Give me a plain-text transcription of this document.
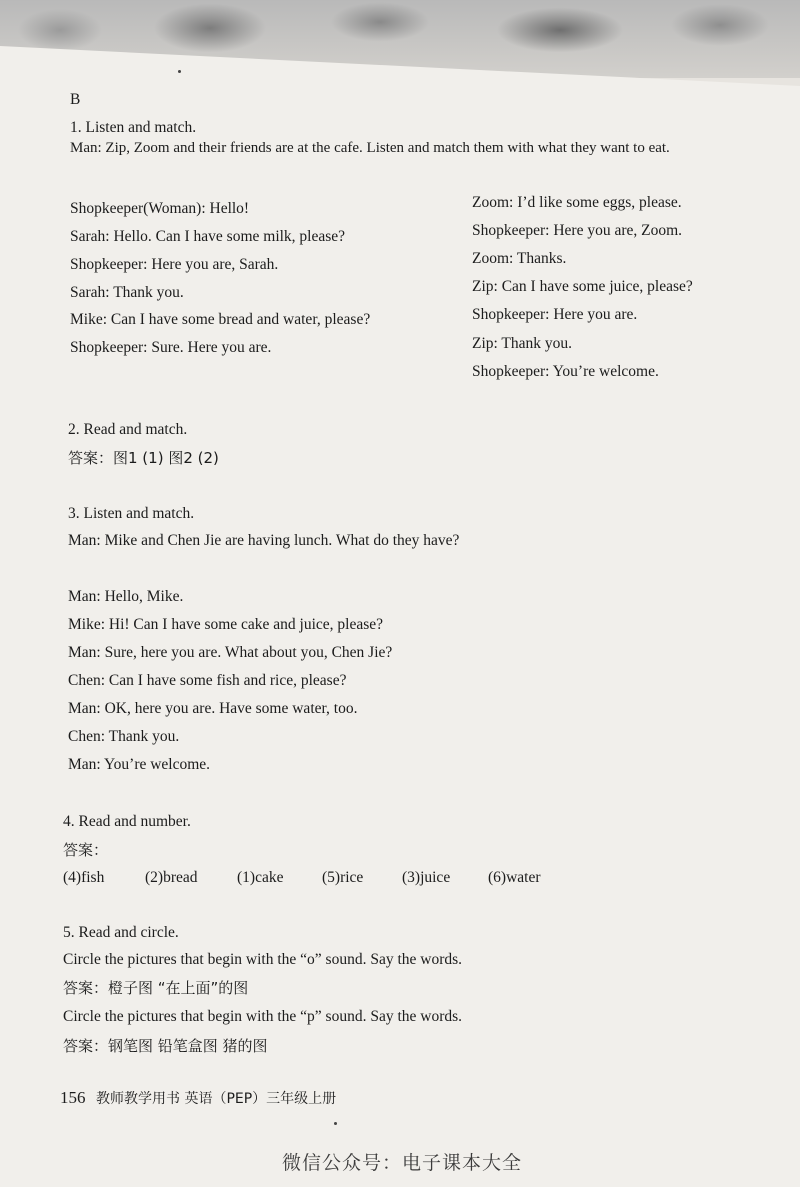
B
1. Listen and match.
Man: Zip, Zoom and their friends are at the cafe. Listen and match them with what they want to eat.
Shopkeeper(Woman): Hello!
Sarah: Hello. Can I have some milk, please?
Shopkeeper: Here you are, Sarah.
Sarah: Thank you.
Mike: Can I have some bread and water, please?
Shopkeeper: Sure. Here you are.
Zoom: I’d like some eggs, please.
Shopkeeper: Here you are, Zoom.
Zoom: Thanks.
Zip: Can I have some juice, please?
Shopkeeper: Here you are.
Zip: Thank you.
Shopkeeper: You’re welcome.
2. Read and match.
答案：图1 (1) 图2 (2)
3. Listen and match.
Man: Mike and Chen Jie are having lunch. What do they have?
Man: Hello, Mike.
Mike: Hi! Can I have some cake and juice, please?
Man: Sure, here you are. What about you, Chen Jie?
Chen: Can I have some fish and rice, please?
Man: OK, here you are. Have some water, too.
Chen: Thank you.
Man: You’re welcome.
4. Read and number.
答案：
(4)fish	(2)bread	(1)cake (5)rice (3)juice (6)water
5. Read and circle.
Circle the pictures that begin with the “o” sound. Say the words.
答案：橙子图 “在上面”的图
Circle the pictures that begin with the “p” sound. Say the words.
答案：钢笔图 铅笔盒图 猪的图
156 教师教学用书 英语（PEP）三年级上册
微信公众号：电子课本大全
